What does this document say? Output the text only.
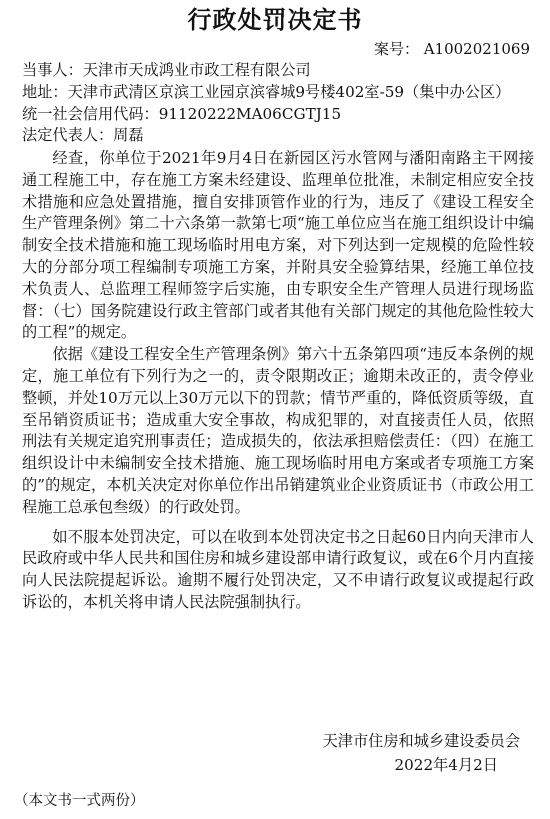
行政处罚决定书
案号： A1002021069
当事人：天津市天成鸿业市政工程有限公司
地址：天津市武清区京滨工业园京滨睿城9号楼402室-59（集中办公区）
统一社会信用代码：91120222MA06CGTJ15
法定代表人：周磊

经查，你单位于2021年9月4日在新园区污水管网与潘阳南路主干网接通工程施工中，存在施工方案未经建设、监理单位批准，未制定相应安全技术措施和应急处置措施，擅自安排顶管作业的行为，违反了《建设工程安全生产管理条例》第二十六条第一款第七项“施工单位应当在施工组织设计中编制安全技术措施和施工现场临时用电方案，对下列达到一定规模的危险性较大的分部分项工程编制专项施工方案，并附具安全验算结果，经施工单位技术负责人、总监理工程师签字后实施，由专职安全生产管理人员进行现场监督：（七）国务院建设行政主管部门或者其他有关部门规定的其他危险性较大的工程”的规定。

依据《建设工程安全生产管理条例》第六十五条第四项“违反本条例的规定，施工单位有下列行为之一的，责令限期改正；逾期未改正的，责令停业整顿，并处10万元以上30万元以下的罚款；情节严重的，降低资质等级，直至吊销资质证书；造成重大安全事故，构成犯罪的，对直接责任人员，依照刑法有关规定追究刑事责任；造成损失的，依法承担赔偿责任：（四）在施工组织设计中未编制安全技术措施、施工现场临时用电方案或者专项施工方案的”的规定，本机关决定对你单位作出吊销建筑业企业资质证书（市政公用工程施工总承包叁级）的行政处罚。

如不服本处罚决定，可以在收到本处罚决定书之日起60日内向天津市人民政府或中华人民共和国住房和城乡建设部申请行政复议，或在6个月内直接向人民法院提起诉讼。逾期不履行处罚决定，又不申请行政复议或提起行政诉讼的，本机关将申请人民法院强制执行。

天津市住房和城乡建设委员会
2022年4月2日
（本文书一式两份）
